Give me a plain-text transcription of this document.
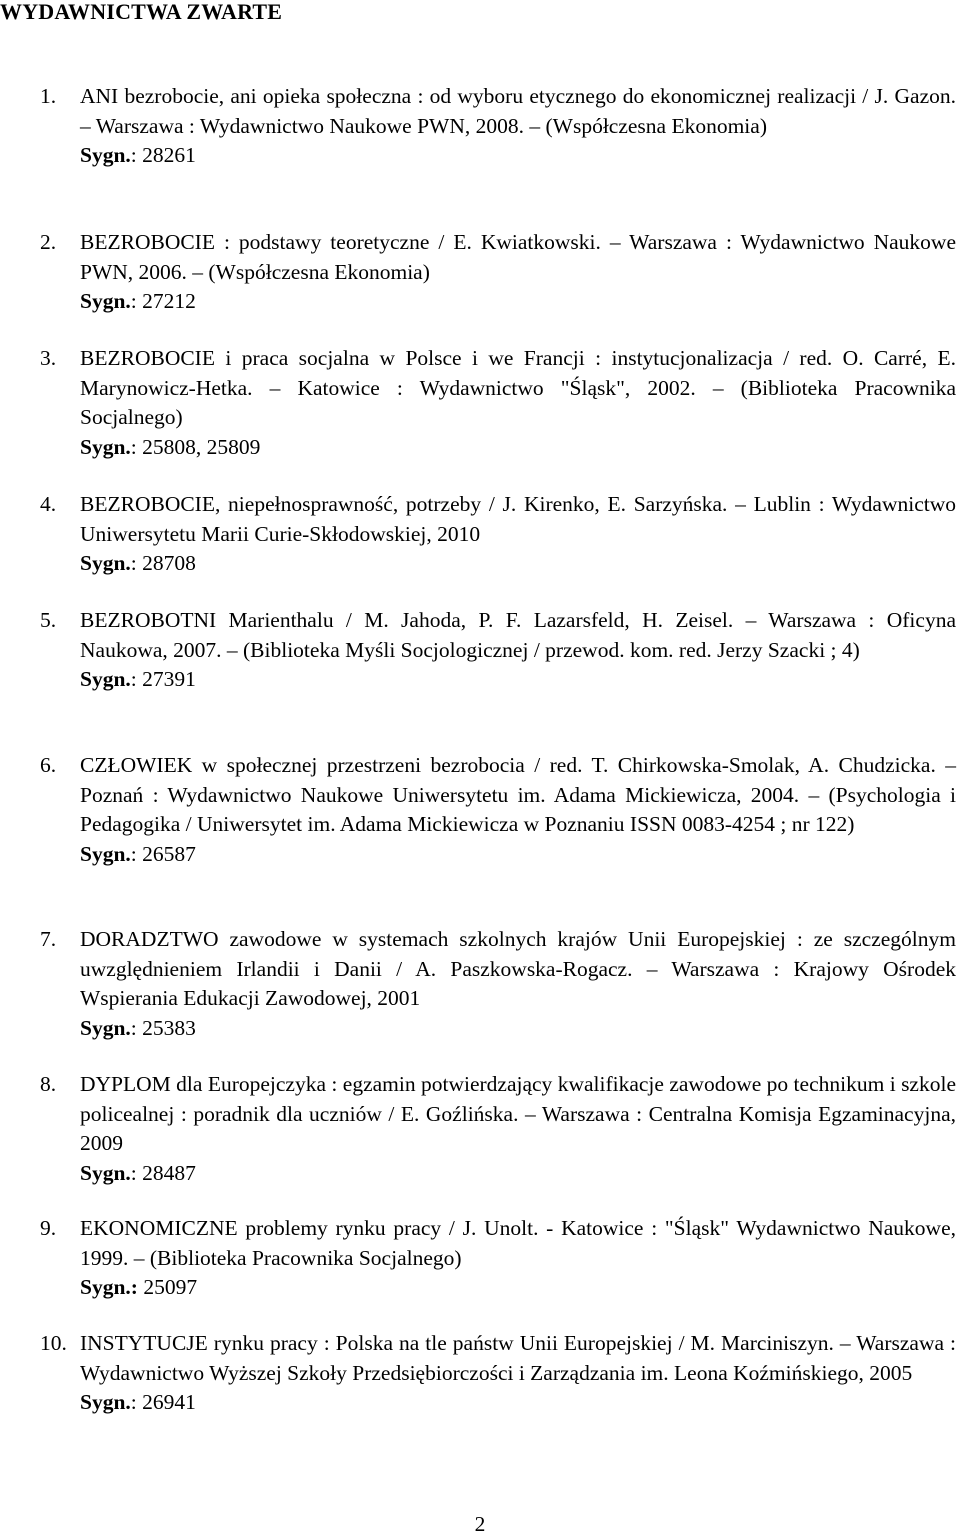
WYDAWNICTWA ZWARTE
1. ANI bezrobocie, ani opieka społeczna : od wyboru etycznego do ekonomicznej realizacji / J. Gazon. – Warszawa : Wydawnictwo Naukowe PWN, 2008. – (Współczesna Ekonomia)
Sygn.: 28261
2. BEZROBOCIE : podstawy teoretyczne / E. Kwiatkowski. – Warszawa : Wydawnictwo Naukowe PWN, 2006. – (Współczesna Ekonomia)
Sygn.: 27212
3. BEZROBOCIE i praca socjalna w Polsce i we Francji : instytucjonalizacja / red. O. Carré, E. Marynowicz-Hetka. – Katowice : Wydawnictwo "Śląsk", 2002. – (Biblioteka Pracownika Socjalnego)
Sygn.: 25808, 25809
4. BEZROBOCIE, niepełnosprawność, potrzeby / J. Kirenko, E. Sarzyńska. – Lublin : Wydawnictwo Uniwersytetu Marii Curie-Skłodowskiej, 2010
Sygn.: 28708
5. BEZROBOTNI Marienthalu / M. Jahoda, P. F. Lazarsfeld, H. Zeisel. – Warszawa : Oficyna Naukowa, 2007. – (Biblioteka Myśli Socjologicznej / przewod. kom. red. Jerzy Szacki ; 4)
Sygn.: 27391
6. CZŁOWIEK w społecznej przestrzeni bezrobocia / red. T. Chirkowska-Smolak, A. Chudzicka. – Poznań : Wydawnictwo Naukowe Uniwersytetu im. Adama Mickiewicza, 2004. – (Psychologia i Pedagogika / Uniwersytet im. Adama Mickiewicza w Poznaniu ISSN 0083-4254 ; nr 122)
Sygn.: 26587
7. DORADZTWO zawodowe w systemach szkolnych krajów Unii Europejskiej : ze szczególnym uwzględnieniem Irlandii i Danii / A. Paszkowska-Rogacz. – Warszawa : Krajowy Ośrodek Wspierania Edukacji Zawodowej, 2001
Sygn.: 25383
8. DYPLOM dla Europejczyka : egzamin potwierdzający kwalifikacje zawodowe po technikum i szkole policealnej : poradnik dla uczniów / E. Goźlińska. – Warszawa : Centralna Komisja Egzaminacyjna, 2009
Sygn.: 28487
9. EKONOMICZNE problemy rynku pracy / J. Unolt. - Katowice : "Śląsk" Wydawnictwo Naukowe, 1999. – (Biblioteka Pracownika Socjalnego)
Sygn.: 25097
10. INSTYTUCJE rynku pracy : Polska na tle państw Unii Europejskiej / M. Marciniszyn. – Warszawa : Wydawnictwo Wyższej Szkoły Przedsiębiorczości i Zarządzania im. Leona Koźmińskiego, 2005
Sygn.: 26941
2
